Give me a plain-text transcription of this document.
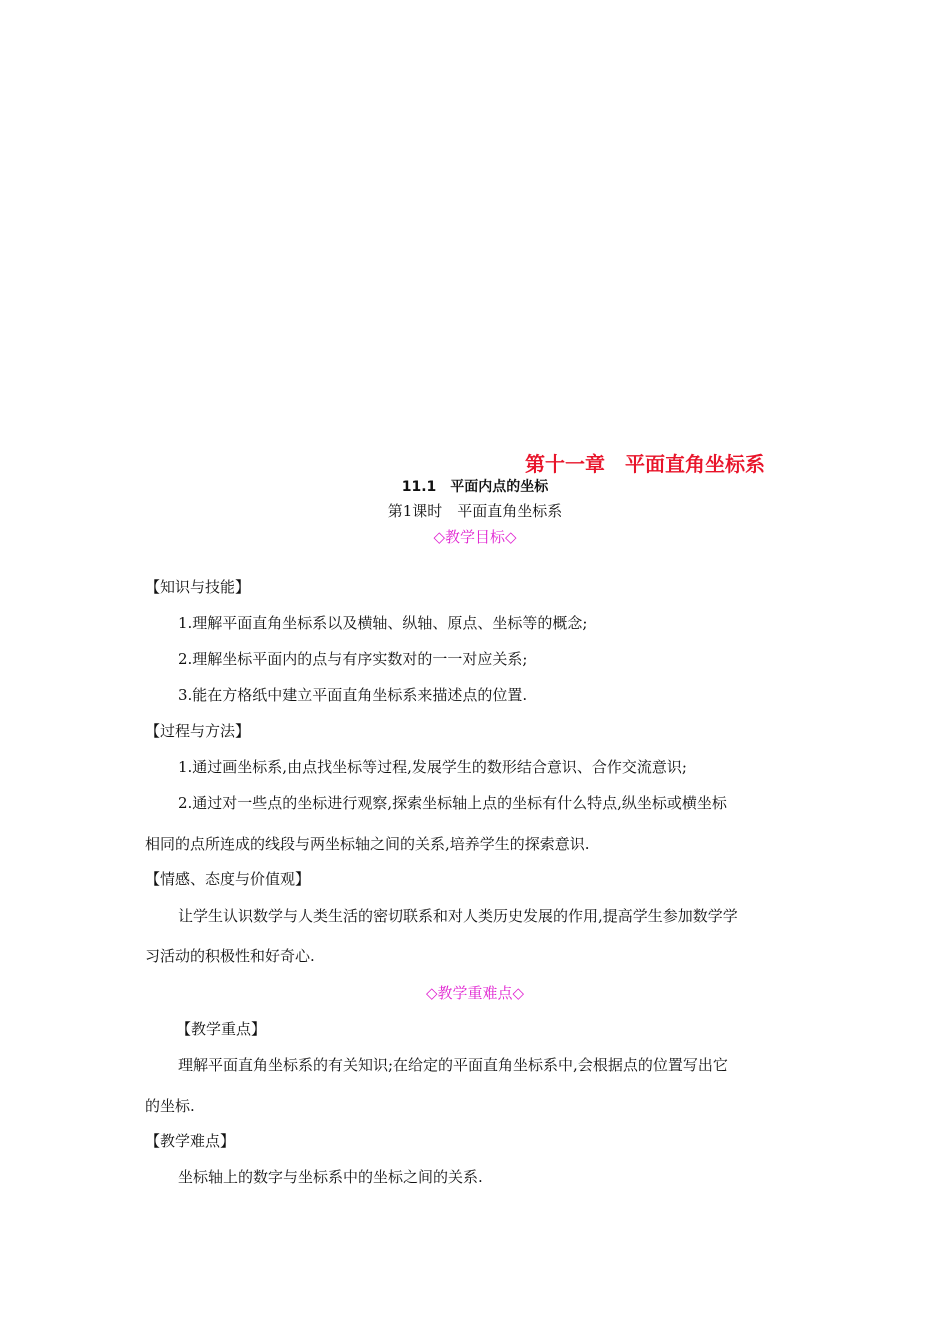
第十一章　平面直角坐标系
11.1　平面内点的坐标
第1课时　平面直角坐标系
◇教学目标◇
【知识与技能】
1.理解平面直角坐标系以及横轴、纵轴、原点、坐标等的概念;
2.理解坐标平面内的点与有序实数对的一一对应关系;
3.能在方格纸中建立平面直角坐标系来描述点的位置.
【过程与方法】
1.通过画坐标系,由点找坐标等过程,发展学生的数形结合意识、合作交流意识;
2.通过对一些点的坐标进行观察,探索坐标轴上点的坐标有什么特点,纵坐标或横坐标
相同的点所连成的线段与两坐标轴之间的关系,培养学生的探索意识.
【情感、态度与价值观】
让学生认识数学与人类生活的密切联系和对人类历史发展的作用,提高学生参加数学学
习活动的积极性和好奇心.
◇教学重难点◇
【教学重点】
理解平面直角坐标系的有关知识;在给定的平面直角坐标系中,会根据点的位置写出它
的坐标.
【教学难点】
坐标轴上的数字与坐标系中的坐标之间的关系.
